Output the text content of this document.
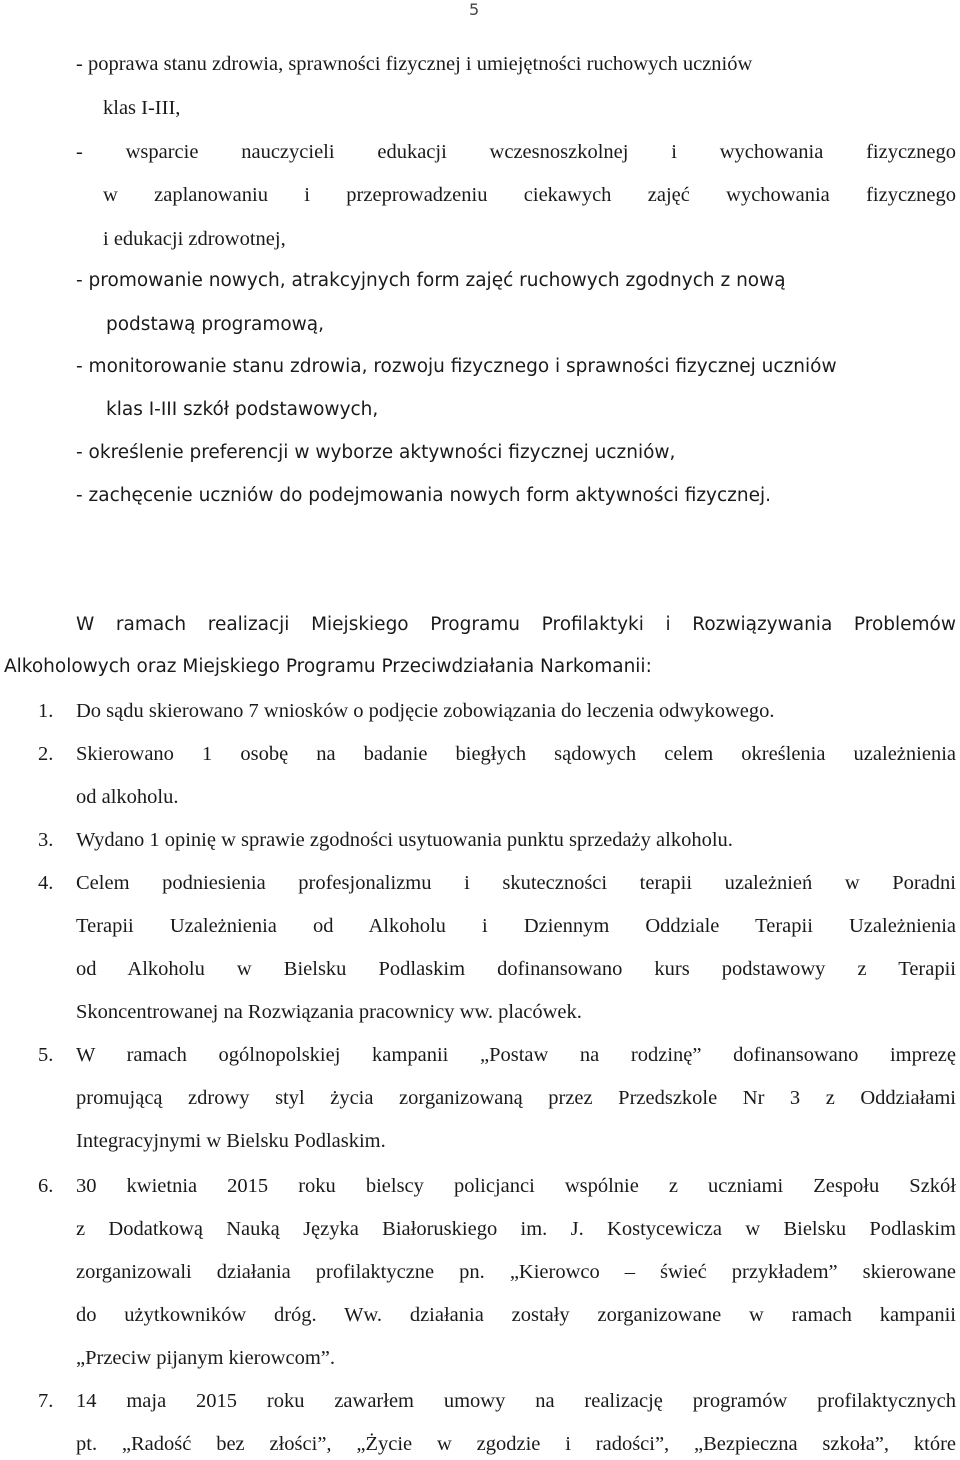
5
- poprawa stanu zdrowia, sprawności fizycznej i umiejętności ruchowych uczniów
klas I-III,
- wsparcie nauczycieli edukacji wczesnoszkolnej i wychowania fizycznego
w zaplanowaniu i przeprowadzeniu ciekawych zajęć wychowania fizycznego
i edukacji zdrowotnej,
- promowanie nowych, atrakcyjnych form zajęć ruchowych zgodnych z nową
podstawą programową,
- monitorowanie stanu zdrowia, rozwoju fizycznego i sprawności fizycznej uczniów
klas I-III szkół podstawowych,
- określenie preferencji w wyborze aktywności fizycznej uczniów,
- zachęcenie uczniów do podejmowania nowych form aktywności fizycznej.
W ramach realizacji Miejskiego Programu Profilaktyki i Rozwiązywania Problemów
Alkoholowych oraz Miejskiego Programu Przeciwdziałania Narkomanii:
1. Do sądu skierowano 7 wniosków o podjęcie zobowiązania do leczenia odwykowego.
2. Skierowano 1 osobę na badanie biegłych sądowych celem określenia uzależnienia
od alkoholu.
3. Wydano 1 opinię w sprawie zgodności usytuowania punktu sprzedaży alkoholu.
4. Celem podniesienia profesjonalizmu i skuteczności terapii uzależnień w Poradni
Terapii Uzależnienia od Alkoholu i Dziennym Oddziale Terapii Uzależnienia
od Alkoholu w Bielsku Podlaskim dofinansowano kurs podstawowy z Terapii
Skoncentrowanej na Rozwiązania pracownicy ww. placówek.
5. W ramach ogólnopolskiej kampanii „Postaw na rodzinę” dofinansowano imprezę
promującą zdrowy styl życia zorganizowaną przez Przedszkole Nr 3 z Oddziałami
Integracyjnymi w Bielsku Podlaskim.
6. 30 kwietnia 2015 roku bielscy policjanci wspólnie z uczniami Zespołu Szkół
z Dodatkową Nauką Języka Białoruskiego im. J. Kostycewicza w Bielsku Podlaskim
zorganizowali działania profilaktyczne pn. „Kierowco – świeć przykładem” skierowane
do użytkowników dróg. Ww. działania zostały zorganizowane w ramach kampanii
„Przeciw pijanym kierowcom”.
7. 14 maja 2015 roku zawarłem umowy na realizację programów profilaktycznych
pt. „Radość bez złości”, „Życie w zgodzie i radości”, „Bezpieczna szkoła”, które
